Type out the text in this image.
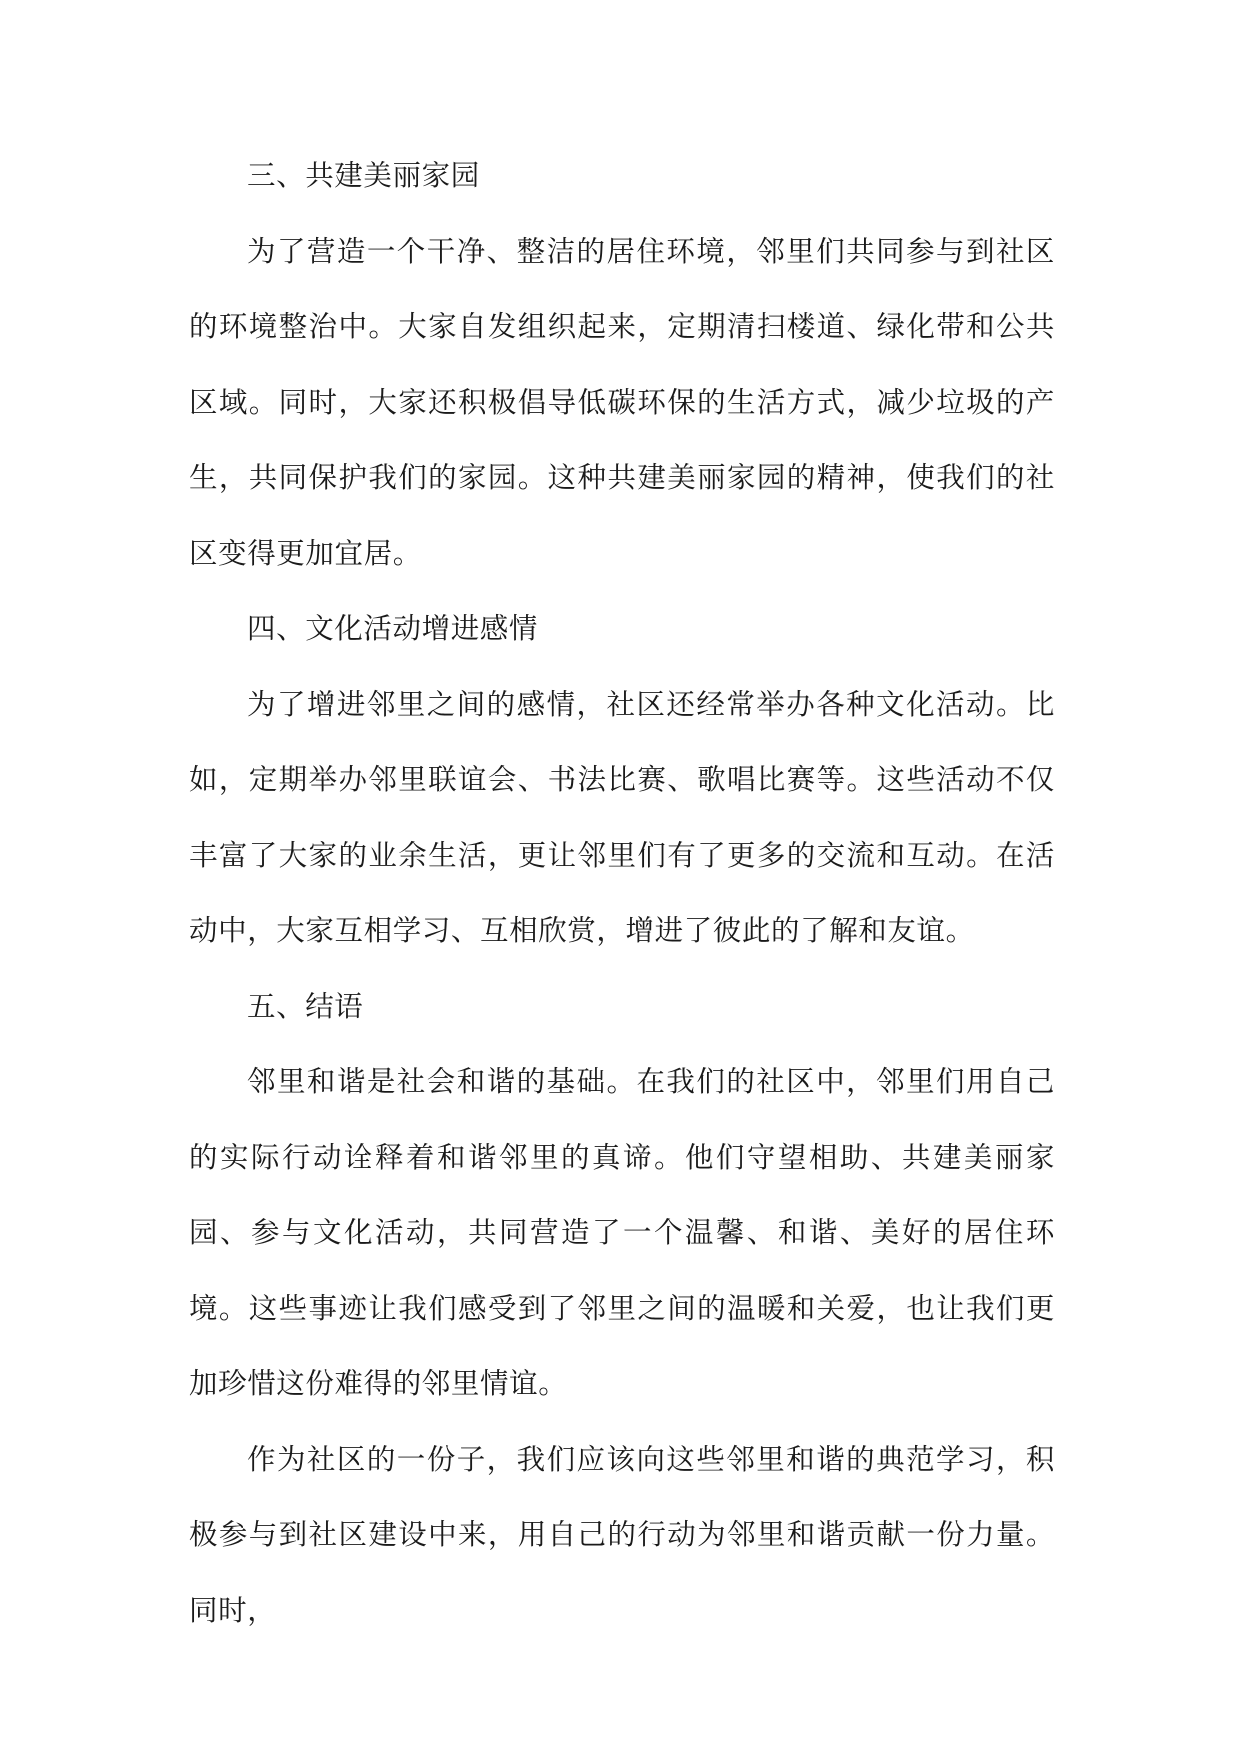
三、共建美丽家园

为了营造一个干净、整洁的居住环境，邻里们共同参与到社区的环境整治中。大家自发组织起来，定期清扫楼道、绿化带和公共区域。同时，大家还积极倡导低碳环保的生活方式，减少垃圾的产生，共同保护我们的家园。这种共建美丽家园的精神，使我们的社区变得更加宜居。

四、文化活动增进感情

为了增进邻里之间的感情，社区还经常举办各种文化活动。比如，定期举办邻里联谊会、书法比赛、歌唱比赛等。这些活动不仅丰富了大家的业余生活，更让邻里们有了更多的交流和互动。在活动中，大家互相学习、互相欣赏，增进了彼此的了解和友谊。

五、结语

邻里和谐是社会和谐的基础。在我们的社区中，邻里们用自己的实际行动诠释着和谐邻里的真谛。他们守望相助、共建美丽家园、参与文化活动，共同营造了一个温馨、和谐、美好的居住环境。这些事迹让我们感受到了邻里之间的温暖和关爱，也让我们更加珍惜这份难得的邻里情谊。

作为社区的一份子，我们应该向这些邻里和谐的典范学习，积极参与到社区建设中来，用自己的行动为邻里和谐贡献一份力量。同时，
